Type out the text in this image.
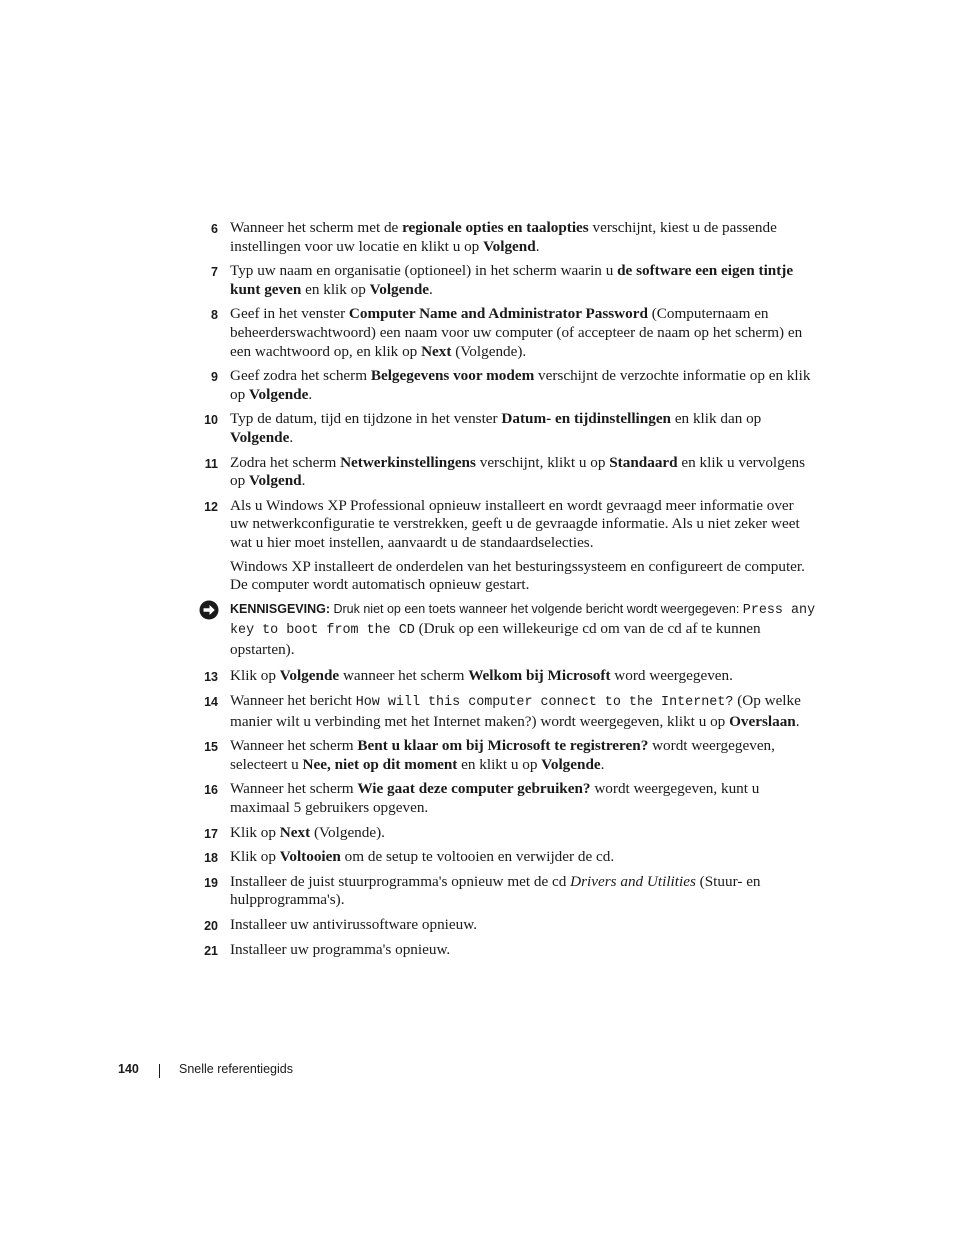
6 Wanneer het scherm met de regionale opties en taalopties verschijnt, kiest u de passende instellingen voor uw locatie en klikt u op Volgend.
7 Typ uw naam en organisatie (optioneel) in het scherm waarin u de software een eigen tintje kunt geven en klik op Volgende.
8 Geef in het venster Computer Name and Administrator Password (Computernaam en beheerderswachtwoord) een naam voor uw computer (of accepteer de naam op het scherm) en een wachtwoord op, en klik op Next (Volgende).
9 Geef zodra het scherm Belgegevens voor modem verschijnt de verzochte informatie op en klik op Volgende.
10 Typ de datum, tijd en tijdzone in het venster Datum- en tijdinstellingen en klik dan op Volgende.
11 Zodra het scherm Netwerkinstellingens verschijnt, klikt u op Standaard en klik u vervolgens op Volgend.
12 Als u Windows XP Professional opnieuw installeert en wordt gevraagd meer informatie over uw netwerkconfiguratie te verstrekken, geeft u de gevraagde informatie. Als u niet zeker weet wat u hier moet instellen, aanvaardt u de standaardselecties.
Windows XP installeert de onderdelen van het besturingssysteem en configureert de computer. De computer wordt automatisch opnieuw gestart.
KENNISGEVING: Druk niet op een toets wanneer het volgende bericht wordt weergegeven: Press any key to boot from the CD (Druk op een willekeurige cd om van de cd af te kunnen opstarten).
13 Klik op Volgende wanneer het scherm Welkom bij Microsoft word weergegeven.
14 Wanneer het bericht How will this computer connect to the Internet? (Op welke manier wilt u verbinding met het Internet maken?) wordt weergegeven, klikt u op Overslaan.
15 Wanneer het scherm Bent u klaar om bij Microsoft te registreren? wordt weergegeven, selecteert u Nee, niet op dit moment en klikt u op Volgende.
16 Wanneer het scherm Wie gaat deze computer gebruiken? wordt weergegeven, kunt u maximaal 5 gebruikers opgeven.
17 Klik op Next (Volgende).
18 Klik op Voltooien om de setup te voltooien en verwijder de cd.
19 Installeer de juist stuurprogramma's opnieuw met de cd Drivers and Utilities (Stuur- en hulpprogramma's).
20 Installeer uw antivirussoftware opnieuw.
21 Installeer uw programma's opnieuw.
140	Snelle referentiegids
